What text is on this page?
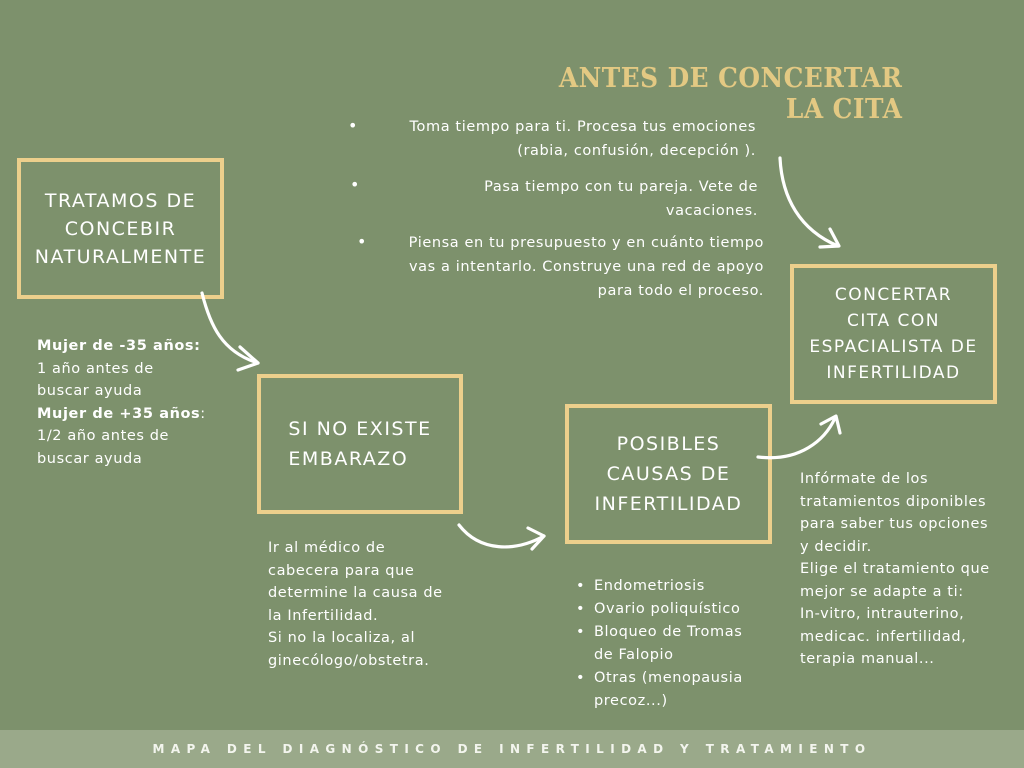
ANTES DE CONCERTAR
LA CITA
•	Toma tiempo para ti. Procesa tus emociones
(rabia, confusión, decepción ).
•	Pasa tiempo con tu pareja. Vete de
vacaciones.
•	Piensa en tu presupuesto y en cuánto tiempo
vas a intentarlo. Construye una red de apoyo
para todo el proceso.
TRATAMOS DE
CONCEBIR
NATURALMENTE
SI NO EXISTE
EMBARAZO
POSIBLES
CAUSAS DE
INFERTILIDAD
CONCERTAR
CITA CON
ESPACIALISTA DE
INFERTILIDAD
Mujer de -35 años:
1 año antes de
buscar ayuda
Mujer de +35 años:
1/2 año antes de
buscar ayuda
Ir al médico de
cabecera para que
determine la causa de
la Infertilidad.
Si no la localiza, al
ginecólogo/obstetra.
• Endometriosis
• Ovario poliquístico
• Bloqueo de Tromas
de Falopio
• Otras (menopausia
precoz...)
Infórmate de los
tratamientos diponibles
para saber tus opciones
y decidir.
Elige el tratamiento que
mejor se adapte a ti:
In-vitro, intrauterino,
medicac. infertilidad,
terapia manual...
MAPA DEL DIAGNÓSTICO DE INFERTILIDAD Y TRATAMIENTO
